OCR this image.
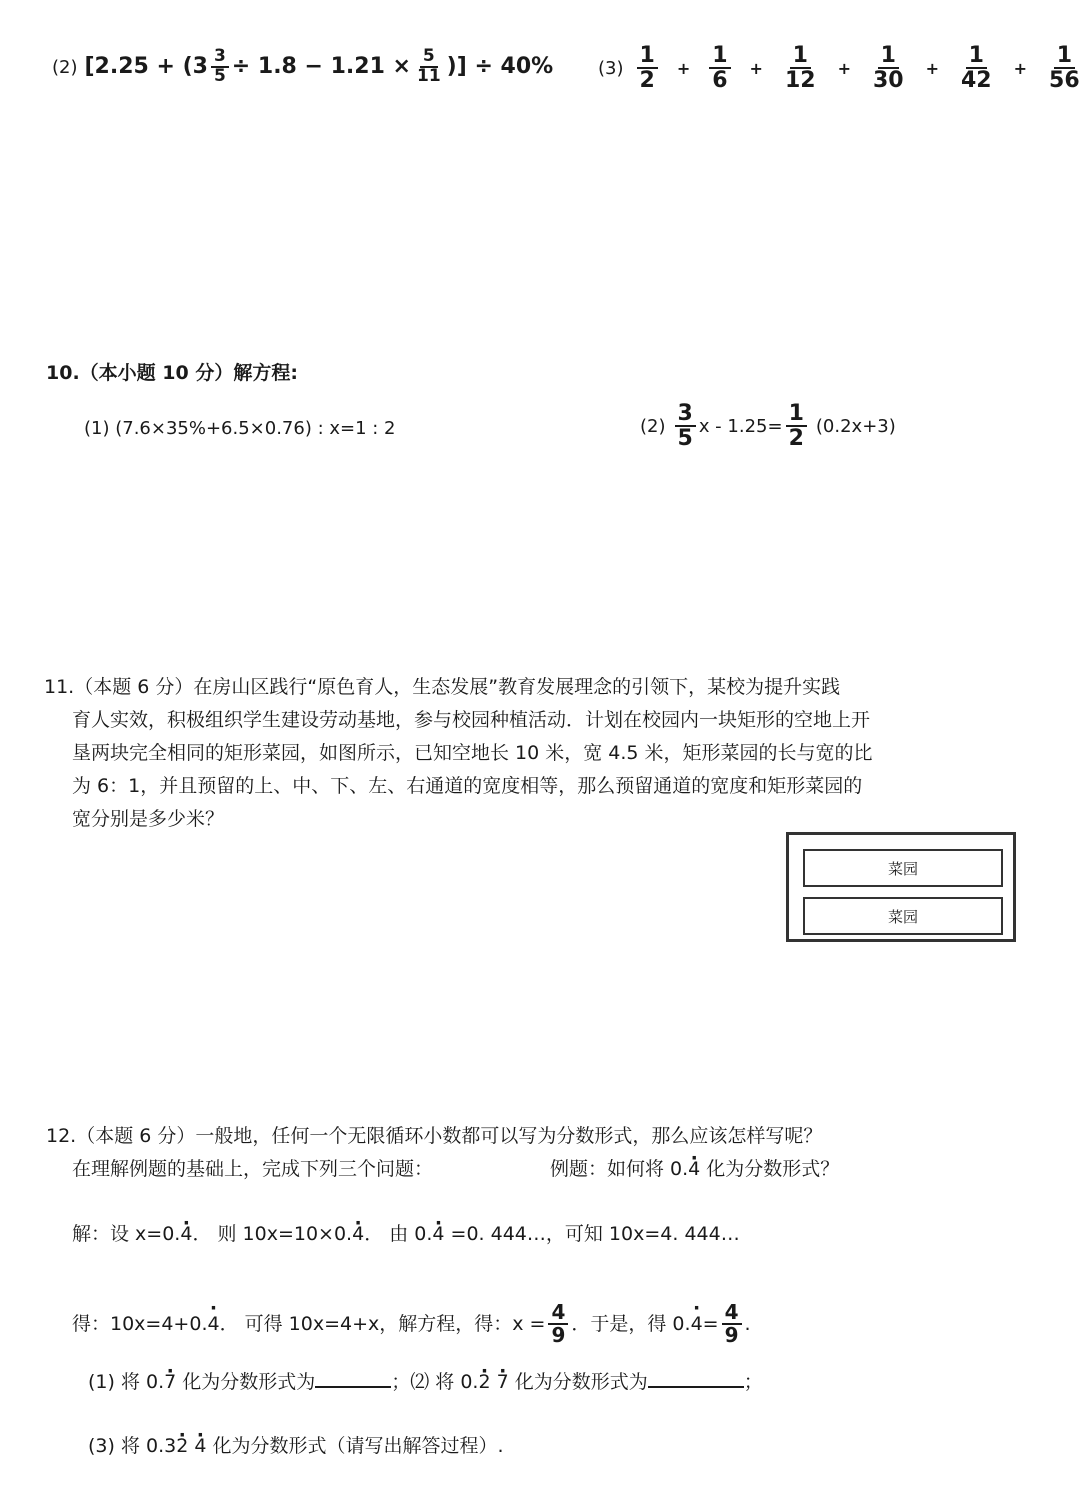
(2) [$2.25 + (3 \frac{3}{5} \div 1.8 - 1.21 \times \frac{5}{11}$ )] ÷ 40% $(3) \frac{1}{2} + \frac{1}{6} + \frac{1}{12} + \frac{1}{30} + \frac{1}{42} + \frac{1}{56}$
10.（本小题 10 分）解方程:
(1) (7.6×35%+6.5×0.76) : x=1 : 2	$(2) \frac{3}{5}$ $x - 1.25= \frac{1}{2} (0.2x+3)$
11.（本题 6 分）在房山区践行“原色育人，生态发展”教育发展理念的引领下，某校为提升实践
育人实效，积极组织学生建设劳动基地，参与校园种植活动．计划在校园内一块矩形的空地上开
垦两块完全相同的矩形菜园，如图所示，已知空地长 10 米，宽 4.5 米，矩形菜园的长与宽的比
为 6：1，并且预留的上、中、下、左、右通道的宽度相等，那么预留通道的宽度和矩形菜园的
宽分别是多少米？
菜园
菜园
12.（本题 6 分）一般地，任何一个无限循环小数都可以写为分数形式，那么应该怎样写呢？
在理解例题的基础上，完成下列三个问题：	例题：如何将 0.4 · 化为分数形式？
解：设 x=0.4 ·． 则 10x=10×0.4 ·． 由 0.4 · =0. 444…，可知 10x=4. 444…
得：10x=4+0. 4 · ． 可得 10x=4+x，解方程，得：$x = \frac{4}{9}$ ．于是，得 0. 4 · = $\frac{4}{9}$ .
(1) 将 0.7 · 化为分数形式为	；⑵ 将 0.2 · 7 · 化为分数形式为	；
(3) 将 0.32 · 4 · 化为分数形式（请写出解答过程）.
